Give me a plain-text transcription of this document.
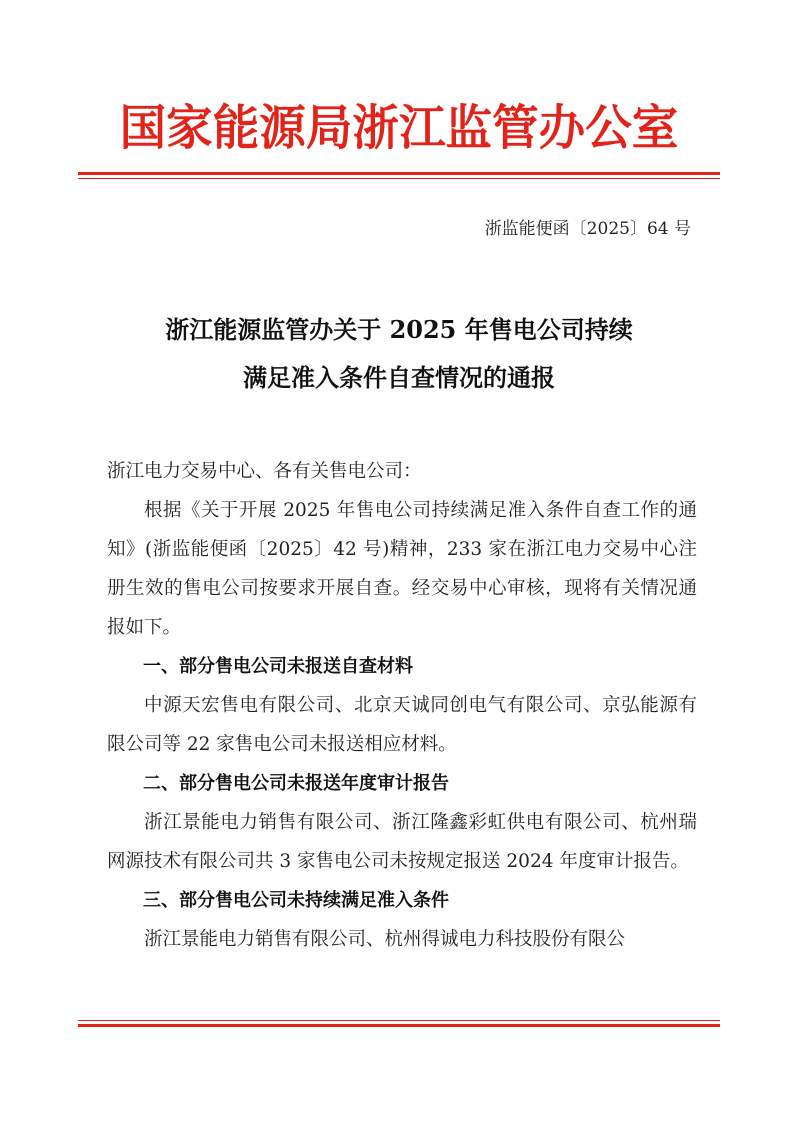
国家能源局浙江监管办公室
浙监能便函〔2025〕64 号
浙江能源监管办关于 2025 年售电公司持续
满足准入条件自查情况的通报

浙江电力交易中心、各有关售电公司：

根据《关于开展 2025 年售电公司持续满足准入条件自查工作的通知》(浙监能便函〔2025〕42 号)精神，233 家在浙江电力交易中心注册生效的售电公司按要求开展自查。经交易中心审核，现将有关情况通报如下。

一、部分售电公司未报送自查材料

中源天宏售电有限公司、北京天诚同创电气有限公司、京弘能源有限公司等 22 家售电公司未报送相应材料。

二、部分售电公司未报送年度审计报告

浙江景能电力销售有限公司、浙江隆鑫彩虹供电有限公司、杭州瑞网源技术有限公司共 3 家售电公司未按规定报送 2024 年度审计报告。

三、部分售电公司未持续满足准入条件

浙江景能电力销售有限公司、杭州得诚电力科技股份有限公
